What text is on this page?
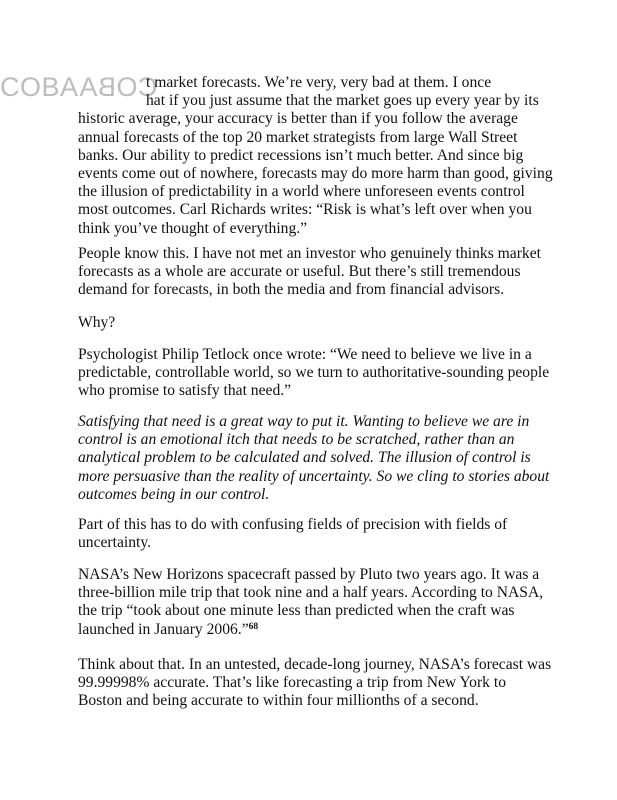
COBACOBA
t market forecasts. We’re very, very bad at them. I once
hat if you just assume that the market goes up every year by its
historic average, your accuracy is better than if you follow the average
annual forecasts of the top 20 market strategists from large Wall Street
banks. Our ability to predict recessions isn’t much better. And since big
events come out of nowhere, forecasts may do more harm than good, giving
the illusion of predictability in a world where unforeseen events control
most outcomes. Carl Richards writes: “Risk is what’s left over when you
think you’ve thought of everything.”
People know this. I have not met an investor who genuinely thinks market
forecasts as a whole are accurate or useful. But there’s still tremendous
demand for forecasts, in both the media and from financial advisors.
Why?
Psychologist Philip Tetlock once wrote: “We need to believe we live in a
predictable, controllable world, so we turn to authoritative-sounding people
who promise to satisfy that need.”
Satisfying that need is a great way to put it. Wanting to believe we are in
control is an emotional itch that needs to be scratched, rather than an
analytical problem to be calculated and solved. The illusion of control is
more persuasive than the reality of uncertainty. So we cling to stories about
outcomes being in our control.
Part of this has to do with confusing fields of precision with fields of
uncertainty.
NASA’s New Horizons spacecraft passed by Pluto two years ago. It was a
three-billion mile trip that took nine and a half years. According to NASA,
the trip “took about one minute less than predicted when the craft was
launched in January 2006.”$^{68}$
Think about that. In an untested, decade-long journey, NASA’s forecast was
99.99998% accurate. That’s like forecasting a trip from New York to
Boston and being accurate to within four millionths of a second.
